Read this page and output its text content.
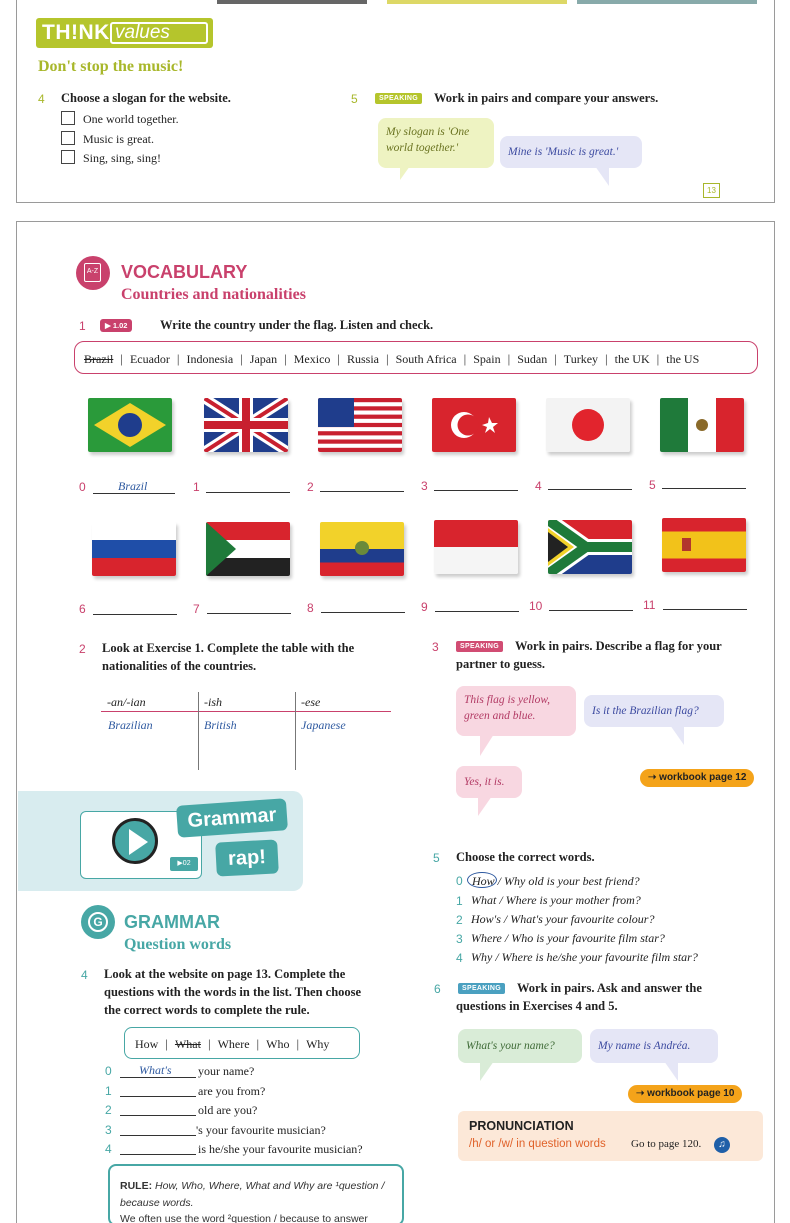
TH!NK values
Don't stop the music!
4 Choose a slogan for the website.
One world together.
Music is great.
Sing, sing, sing!
5	SPEAKING	Work in pairs and compare your answers.
My slogan is 'One world together.'	Mine is 'Music is great.'
13
A-Z VOCABULARY
Countries and nationalities
1	▶ 1.02	Write the country under the flag. Listen and check.
Brazil | Ecuador | Indonesia | Japan | Mexico | Russia | South Africa | Spain | Sudan | Turkey | the UK | the US
0	Brazil	1	2	3	4	5
6	7	8	9	10	11
2 Look at Exercise 1. Complete the table with the
nationalities of the countries.
-an/-ian	-ish	-ese
Brazilian	British	Japanese
3	SPEAKING	Work in pairs. Describe a flag for your
partner to guess.
This flag is yellow, green and blue.	Is it the Brazilian flag?
Yes, it is.	➝ workbook page 12
▶02
Grammar
rap!
G GRAMMAR
Question words
4 Look at the website on page 13. Complete the
questions with the words in the list. Then choose
the correct words to complete the rule.
How | What | Where | Who | Why
0 What's your name?
1	are you from?
2	old are you?
3	's your favourite musician?
4	is he/she your favourite musician?
RULE: How, Who, Where, What and Why are ¹question /
because words.
We often use the word ²question / because to answer
5 Choose the correct words.
0 How / Why old is your best friend?
1 What / Where is your mother from?
2 How's / What's your favourite colour?
3 Where / Who is your favourite film star?
4 Why / Where is he/she your favourite film star?
6	SPEAKING	Work in pairs. Ask and answer the
questions in Exercises 4 and 5.
What's your name?	My name is Andréa.
➝ workbook page 10
PRONUNCIATION
/h/ or /w/ in question words Go to page 120.	♫
